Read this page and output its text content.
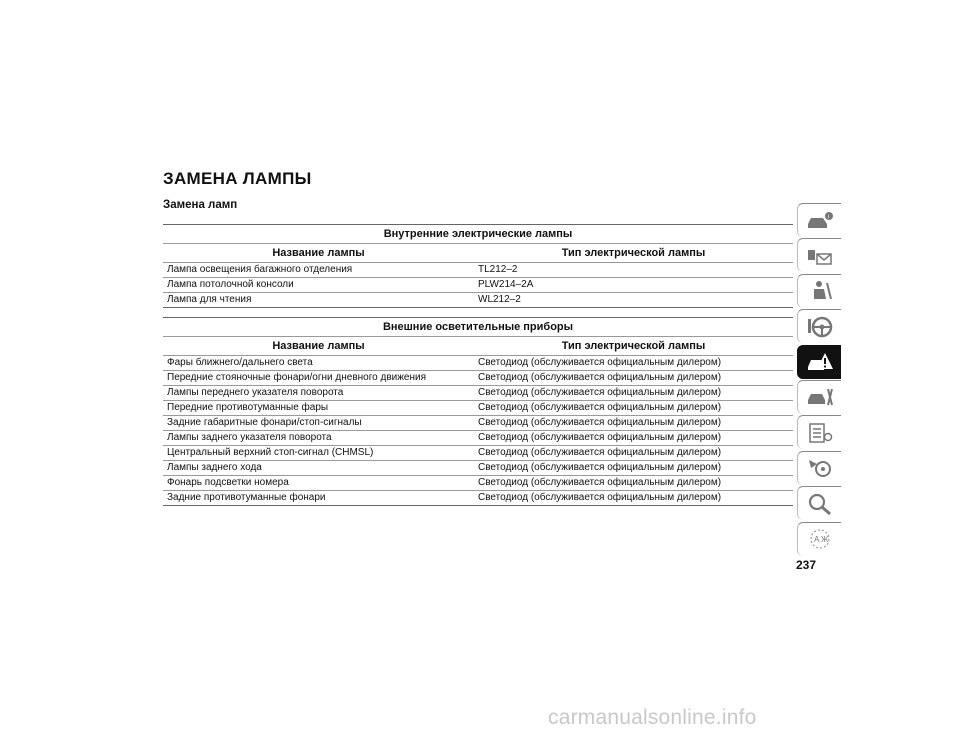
ЗАМЕНА ЛАМПЫ
Замена ламп
Внутренние электрические лампы	
Название лампы	Тип электрической лампы
Лампа освещения багажного отделения	TL212–2
Лампа потолочной консоли	PLW214–2A
Лампа для чтения	WL212–2
Внешние осветительные приборы	
Название лампы	Тип электрической лампы
Фары ближнего/дальнего света	Светодиод (обслуживается официальным дилером)
Передние стояночные фонари/огни дневного движения	Светодиод (обслуживается официальным дилером)
Лампы переднего указателя поворота	Светодиод (обслуживается официальным дилером)
Передние противотуманные фары	Светодиод (обслуживается официальным дилером)
Задние габаритные фонари/стоп-сигналы	Светодиод (обслуживается официальным дилером)
Лампы заднего указателя поворота	Светодиод (обслуживается официальным дилером)
Центральный верхний стоп-сигнал (CHMSL)	Светодиод (обслуживается официальным дилером)
Лампы заднего хода	Светодиод (обслуживается официальным дилером)
Фонарь подсветки номера	Светодиод (обслуживается официальным дилером)
Задние противотуманные фонари	Светодиод (обслуживается официальным дилером)
i
A Ж
237
carmanualsonline.info
